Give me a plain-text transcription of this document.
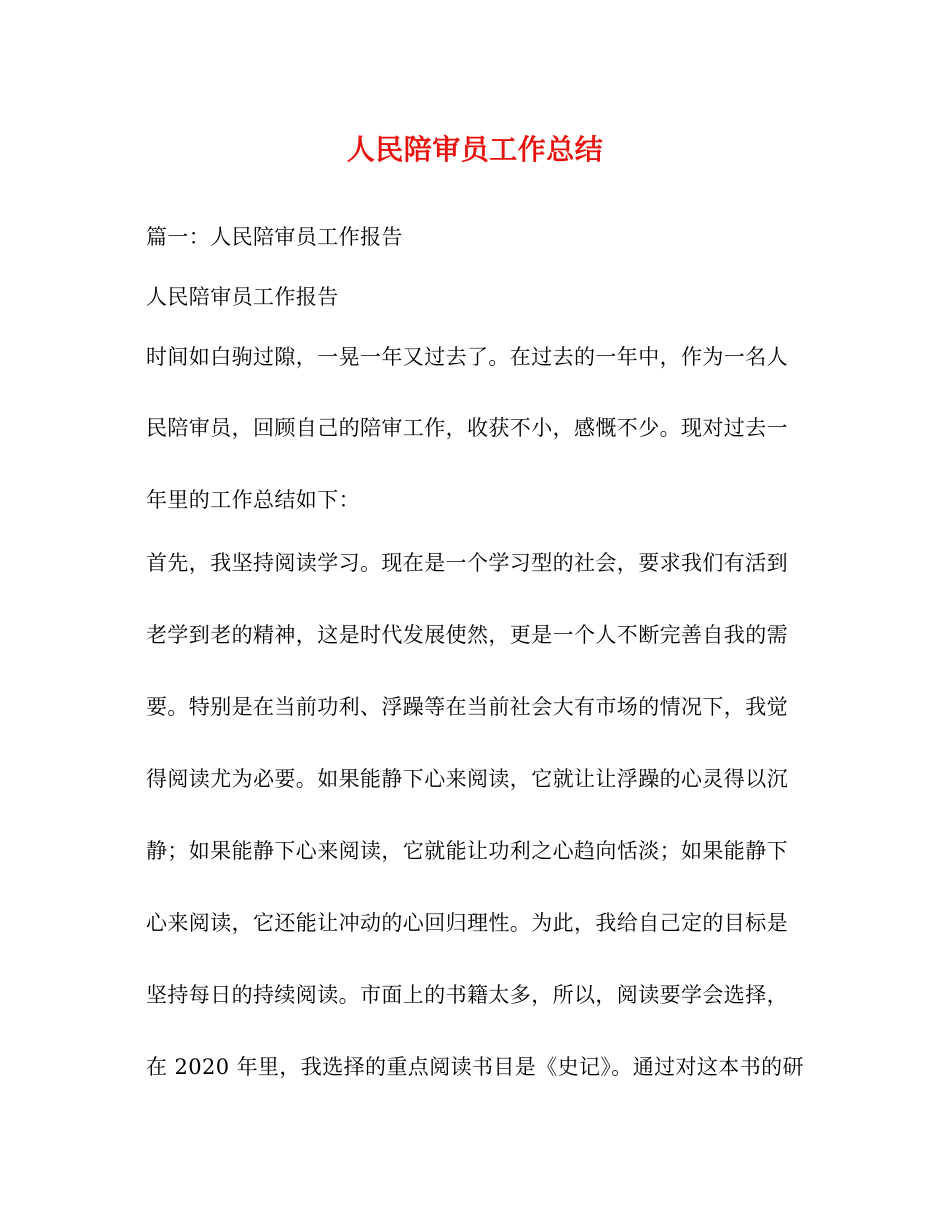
人民陪审员工作总结
篇一：人民陪审员工作报告
人民陪审员工作报告
时间如白驹过隙，一晃一年又过去了。在过去的一年中，作为一名人
民陪审员，回顾自己的陪审工作，收获不小，感慨不少。现对过去一
年里的工作总结如下：
首先，我坚持阅读学习。现在是一个学习型的社会，要求我们有活到
老学到老的精神，这是时代发展使然，更是一个人不断完善自我的需
要。特别是在当前功利、浮躁等在当前社会大有市场的情况下，我觉
得阅读尤为必要。如果能静下心来阅读，它就让让浮躁的心灵得以沉
静；如果能静下心来阅读，它就能让功利之心趋向恬淡；如果能静下
心来阅读，它还能让冲动的心回归理性。为此，我给自己定的目标是
坚持每日的持续阅读。市面上的书籍太多，所以，阅读要学会选择，
在 2020 年里，我选择的重点阅读书目是《史记》。通过对这本书的研
